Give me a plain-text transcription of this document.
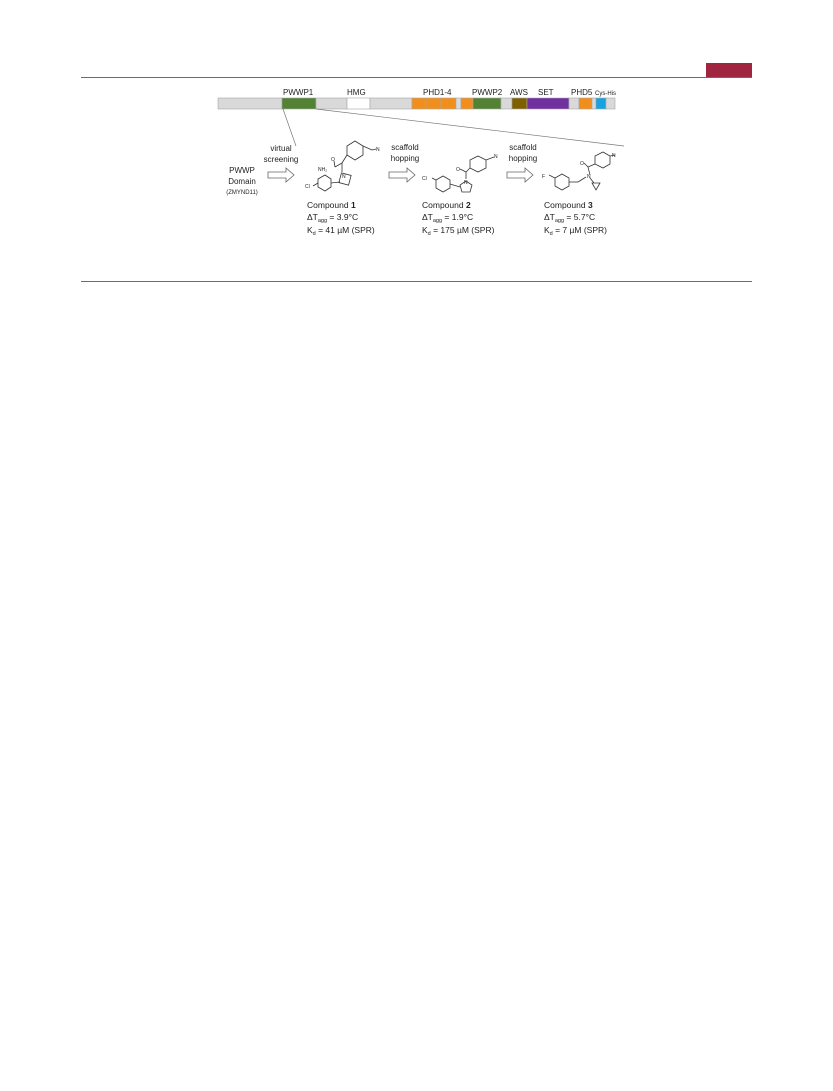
PWWP1	HMG	PHD1-4	PWWP2 AWS SET PHD5 Cys-His
PWWP
Domain
(ZMYND11)
virtual
screening
scaffold
hopping
scaffold
hopping
N
O
NH₂
N
Cl
N
O
N
Cl
N
O
N
F
Compound 1
$\Delta T_{agg} = 3.9^\circ C$
$K_d = 41$ µM (SPR)
Compound 2
$\Delta T_{agg} = 1.9^\circ C$
$K_d = 175$ µM (SPR)
Compound 3
$\Delta T_{agg} = 5.7^\circ C$
$K_d = 7$ µM (SPR)
